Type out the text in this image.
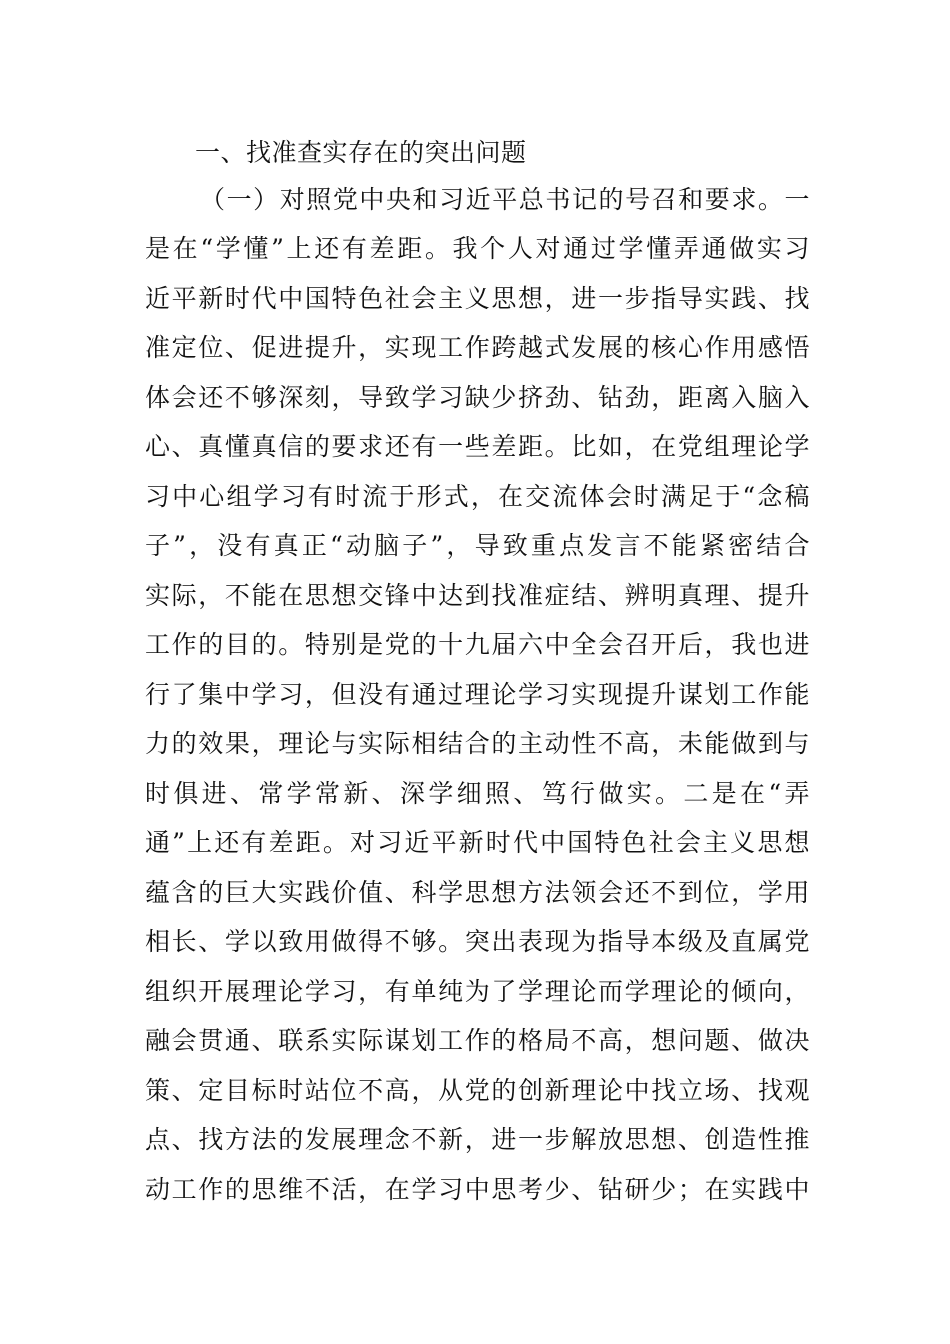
一、找准查实存在的突出问题
（一）对照党中央和习近平总书记的号召和要求。一
是在“学懂”上还有差距。我个人对通过学懂弄通做实习
近平新时代中国特色社会主义思想，进一步指导实践、找
准定位、促进提升，实现工作跨越式发展的核心作用感悟
体会还不够深刻，导致学习缺少挤劲、钻劲，距离入脑入
心、真懂真信的要求还有一些差距。比如，在党组理论学
习中心组学习有时流于形式，在交流体会时满足于“念稿
子”，没有真正“动脑子”，导致重点发言不能紧密结合
实际，不能在思想交锋中达到找准症结、辨明真理、提升
工作的目的。特别是党的十九届六中全会召开后，我也进
行了集中学习，但没有通过理论学习实现提升谋划工作能
力的效果，理论与实际相结合的主动性不高，未能做到与
时俱进、常学常新、深学细照、笃行做实。二是在“弄
通”上还有差距。对习近平新时代中国特色社会主义思想
蕴含的巨大实践价值、科学思想方法领会还不到位，学用
相长、学以致用做得不够。突出表现为指导本级及直属党
组织开展理论学习，有单纯为了学理论而学理论的倾向，
融会贯通、联系实际谋划工作的格局不高，想问题、做决
策、定目标时站位不高，从党的创新理论中找立场、找观
点、找方法的发展理念不新，进一步解放思想、创造性推
动工作的思维不活，在学习中思考少、钻研少；在实践中
